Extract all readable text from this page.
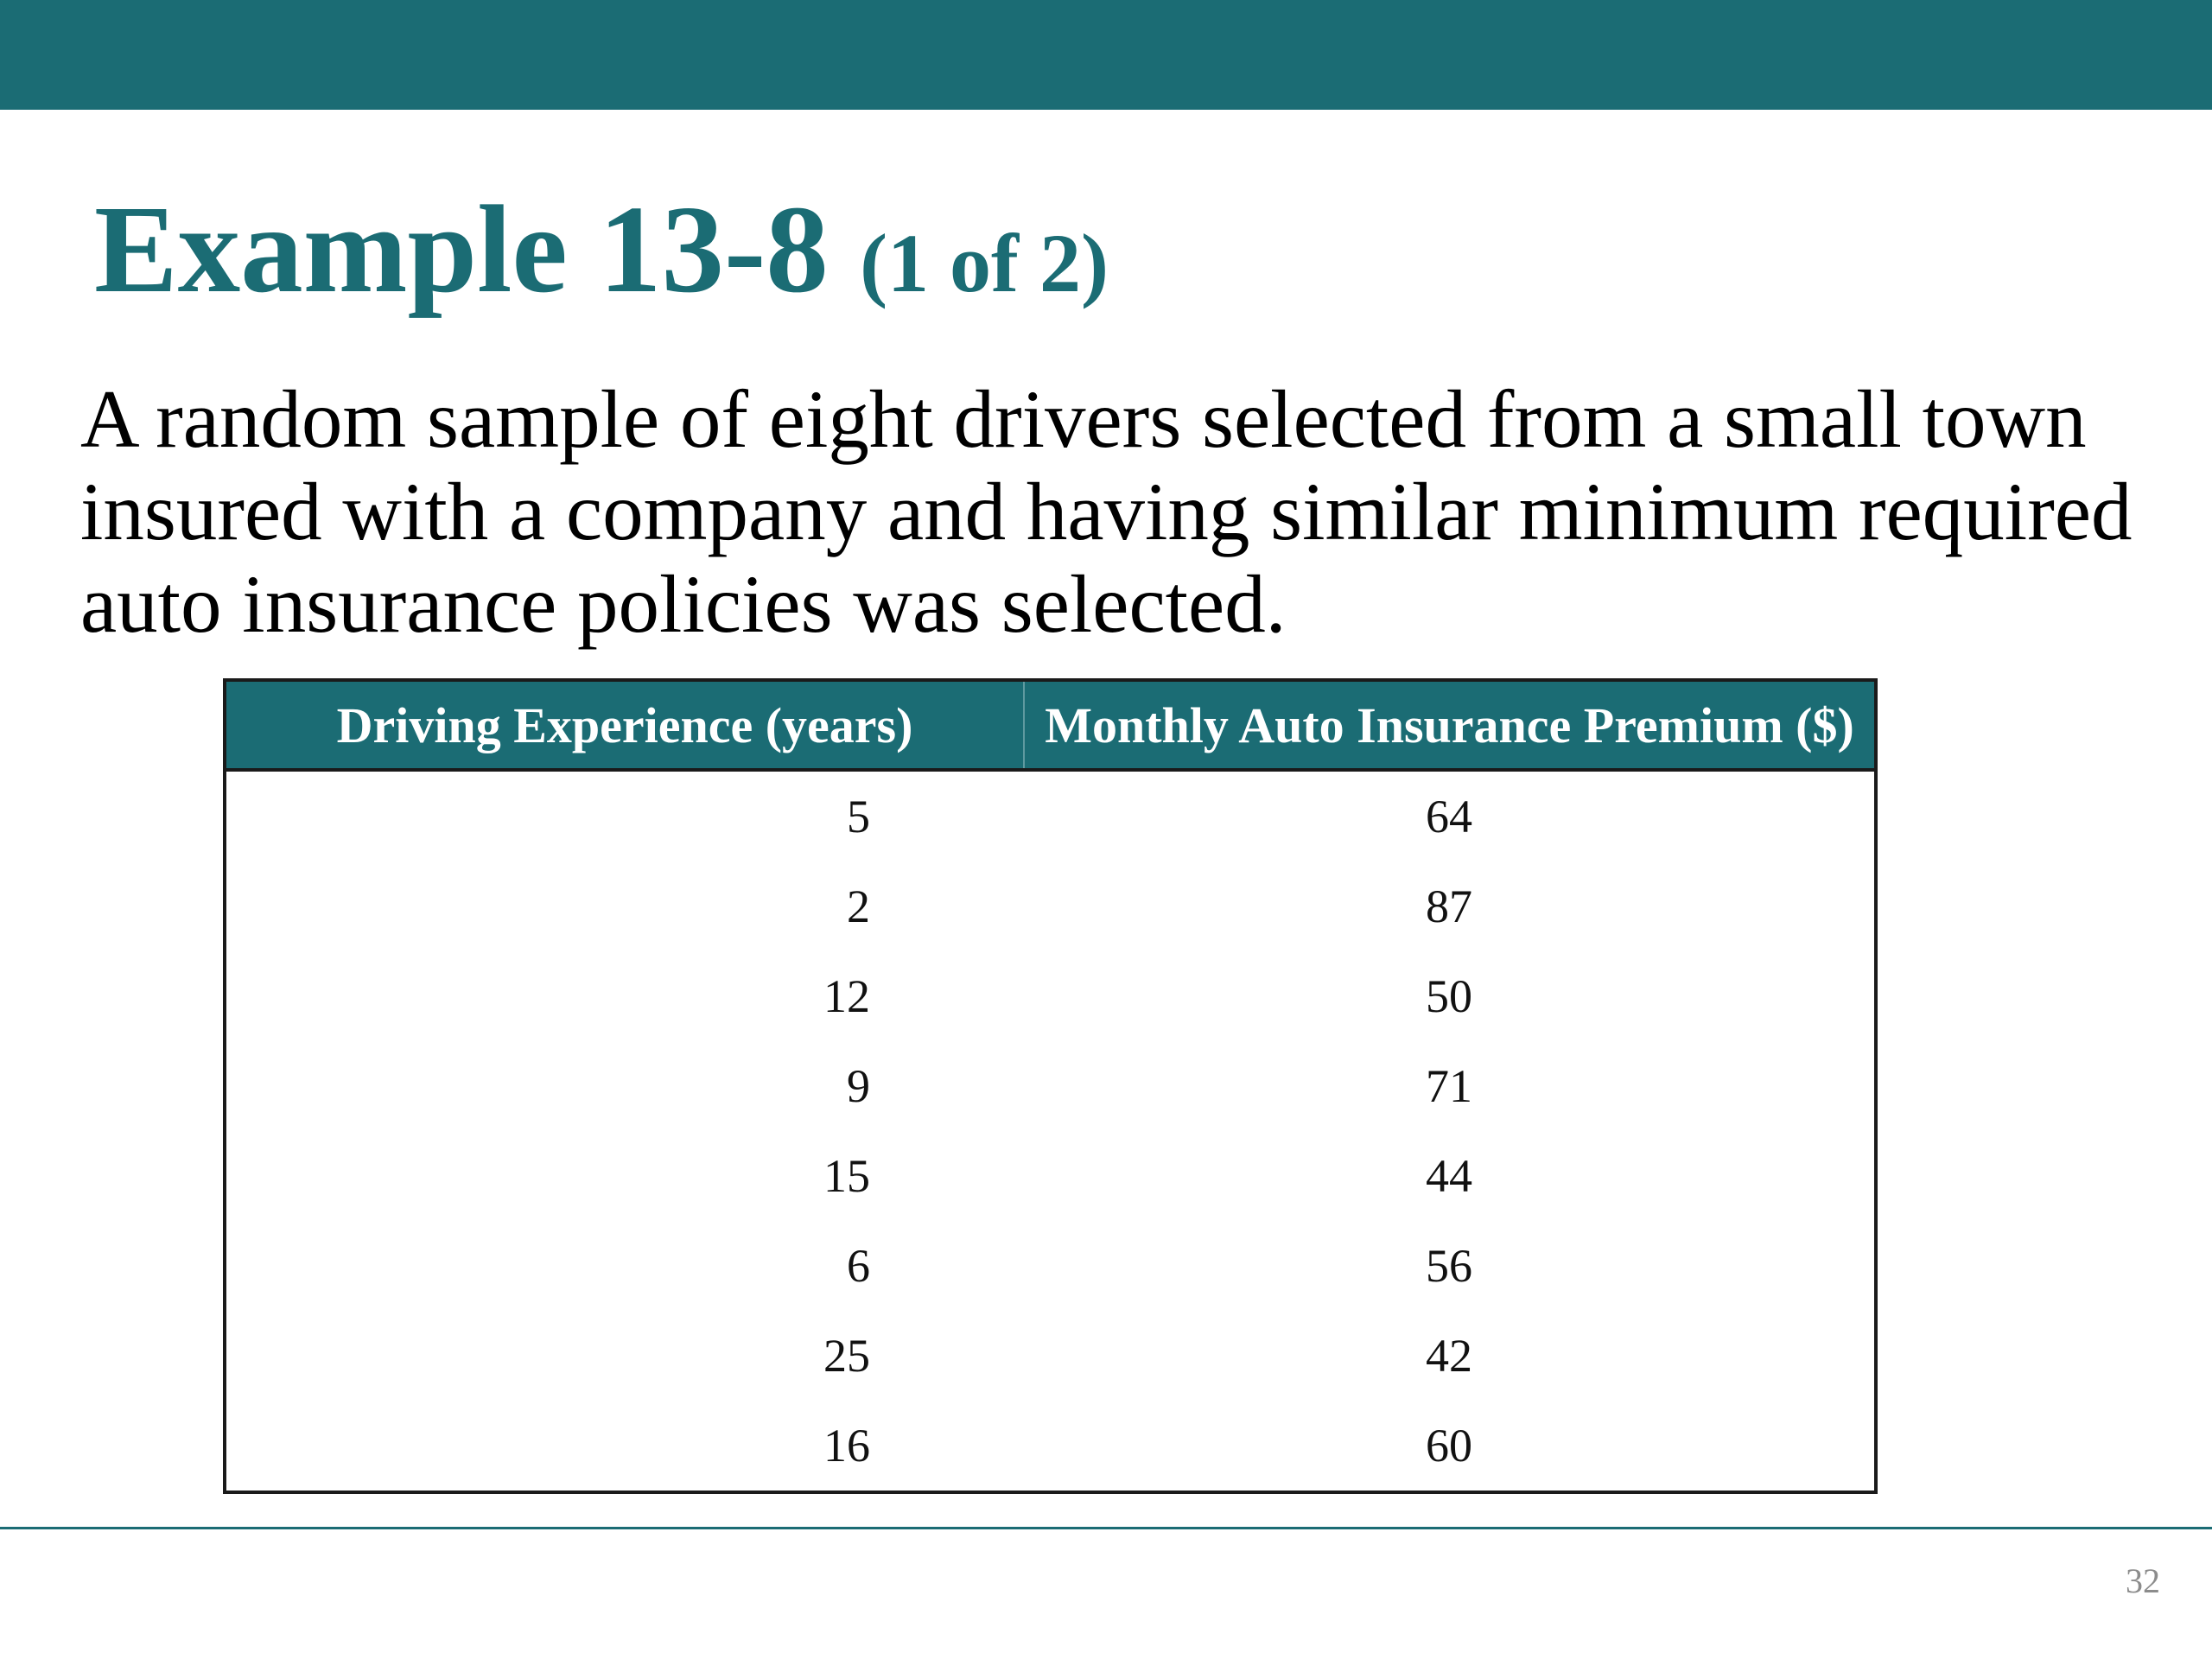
Example 13-8 (1 of 2)

A random sample of eight drivers selected from a small town insured with a company and having similar minimum required auto insurance policies was selected.

Driving Experience (years)	Monthly Auto Insurance Premium ($)
5	64
2	87
12	50
9	71
15	44
6	56
25	42
16	60
32
